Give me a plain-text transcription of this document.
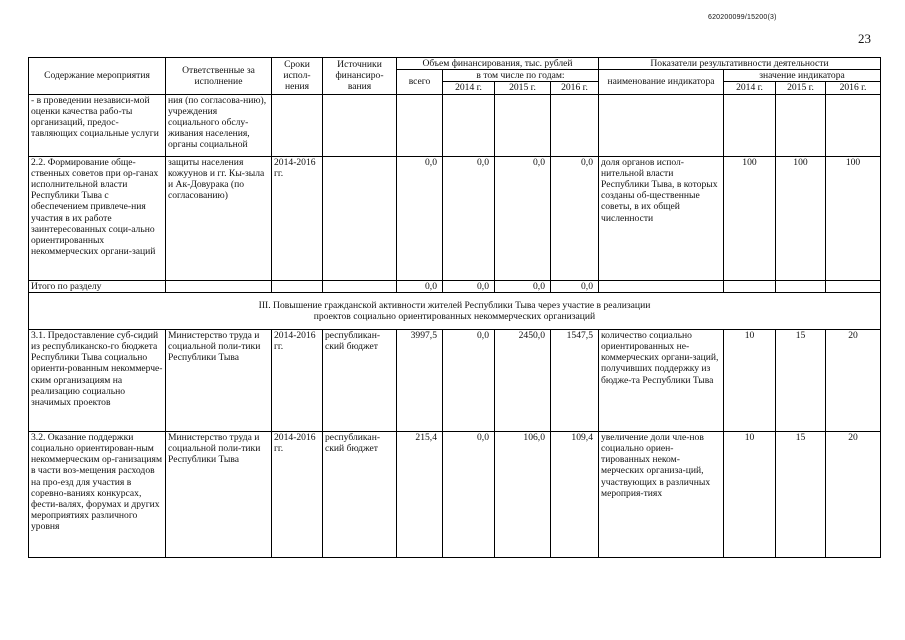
620200099/15200(3)
23
Содержание мероприятия	Ответственные за исполнение	Сроки испол-нения	Источники финансиро-вания	Объем финансирования, тыс. рублей				Показатели результативности деятельности			
				всего	в том числе по годам:			наименование индикатора	значение индикатора		
					2014 г.	2015 г.	2016 г.		2014 г.	2015 г.	2016 г.
- в проведении независи-мой оценки качества рабо-ты организаций, предос-тавляющих социальные услуги	ния (по согласова-нию), учреждения социального обслу-живания населения, органы социальной										
2.2. Формирование обще-ственных советов при ор-ганах исполнительной власти Республики Тыва с обеспечением привлече-ния участия в их работе заинтересованных соци-ально ориентированных некоммерческих органи-заций	защиты населения кожуунов и гг. Кы-зыла и Ак-Довурака (по согласованию)	2014-2016 гг.		0,0	0,0	0,0	0,0	доля органов испол-нительной власти Республики Тыва, в которых созданы об-щественные советы, в их общей численности	100	100	100
Итого по разделу				0,0	0,0	0,0	0,0				

III. Повышение гражданской активности жителей Республики Тыва через участие в реализации проектов социально ориентированных некоммерческих организаций											

3.1. Предоставление суб-сидий из республиканско-го бюджета Республики Тыва социально ориенти-рованным некоммерче-ским организациям на реализацию социально значимых проектов	Министерство труда и социальной поли-тики Республики Тыва	2014-2016 гг.	республикан-ский бюджет	3997,5	0,0	2450,0	1547,5	количество социально ориентированных не-коммерческих органи-заций, получивших поддержку из бюдже-та Республики Тыва	10	15	20
3.2. Оказание поддержки социально ориентирован-ным некоммерческим ор-ганизациям в части воз-мещения расходов на про-езд для участия в соревно-ваниях конкурсах, фести-валях, форумах и других мероприятиях различного уровня	Министерство труда и социальной поли-тики Республики Тыва	2014-2016 гг.	республикан-ский бюджет	215,4	0,0	106,0	109,4	увеличение доли чле-нов социально ориен-тированных неком-мерческих организа-ций, участвующих в различных мероприя-тиях	10	15	20
